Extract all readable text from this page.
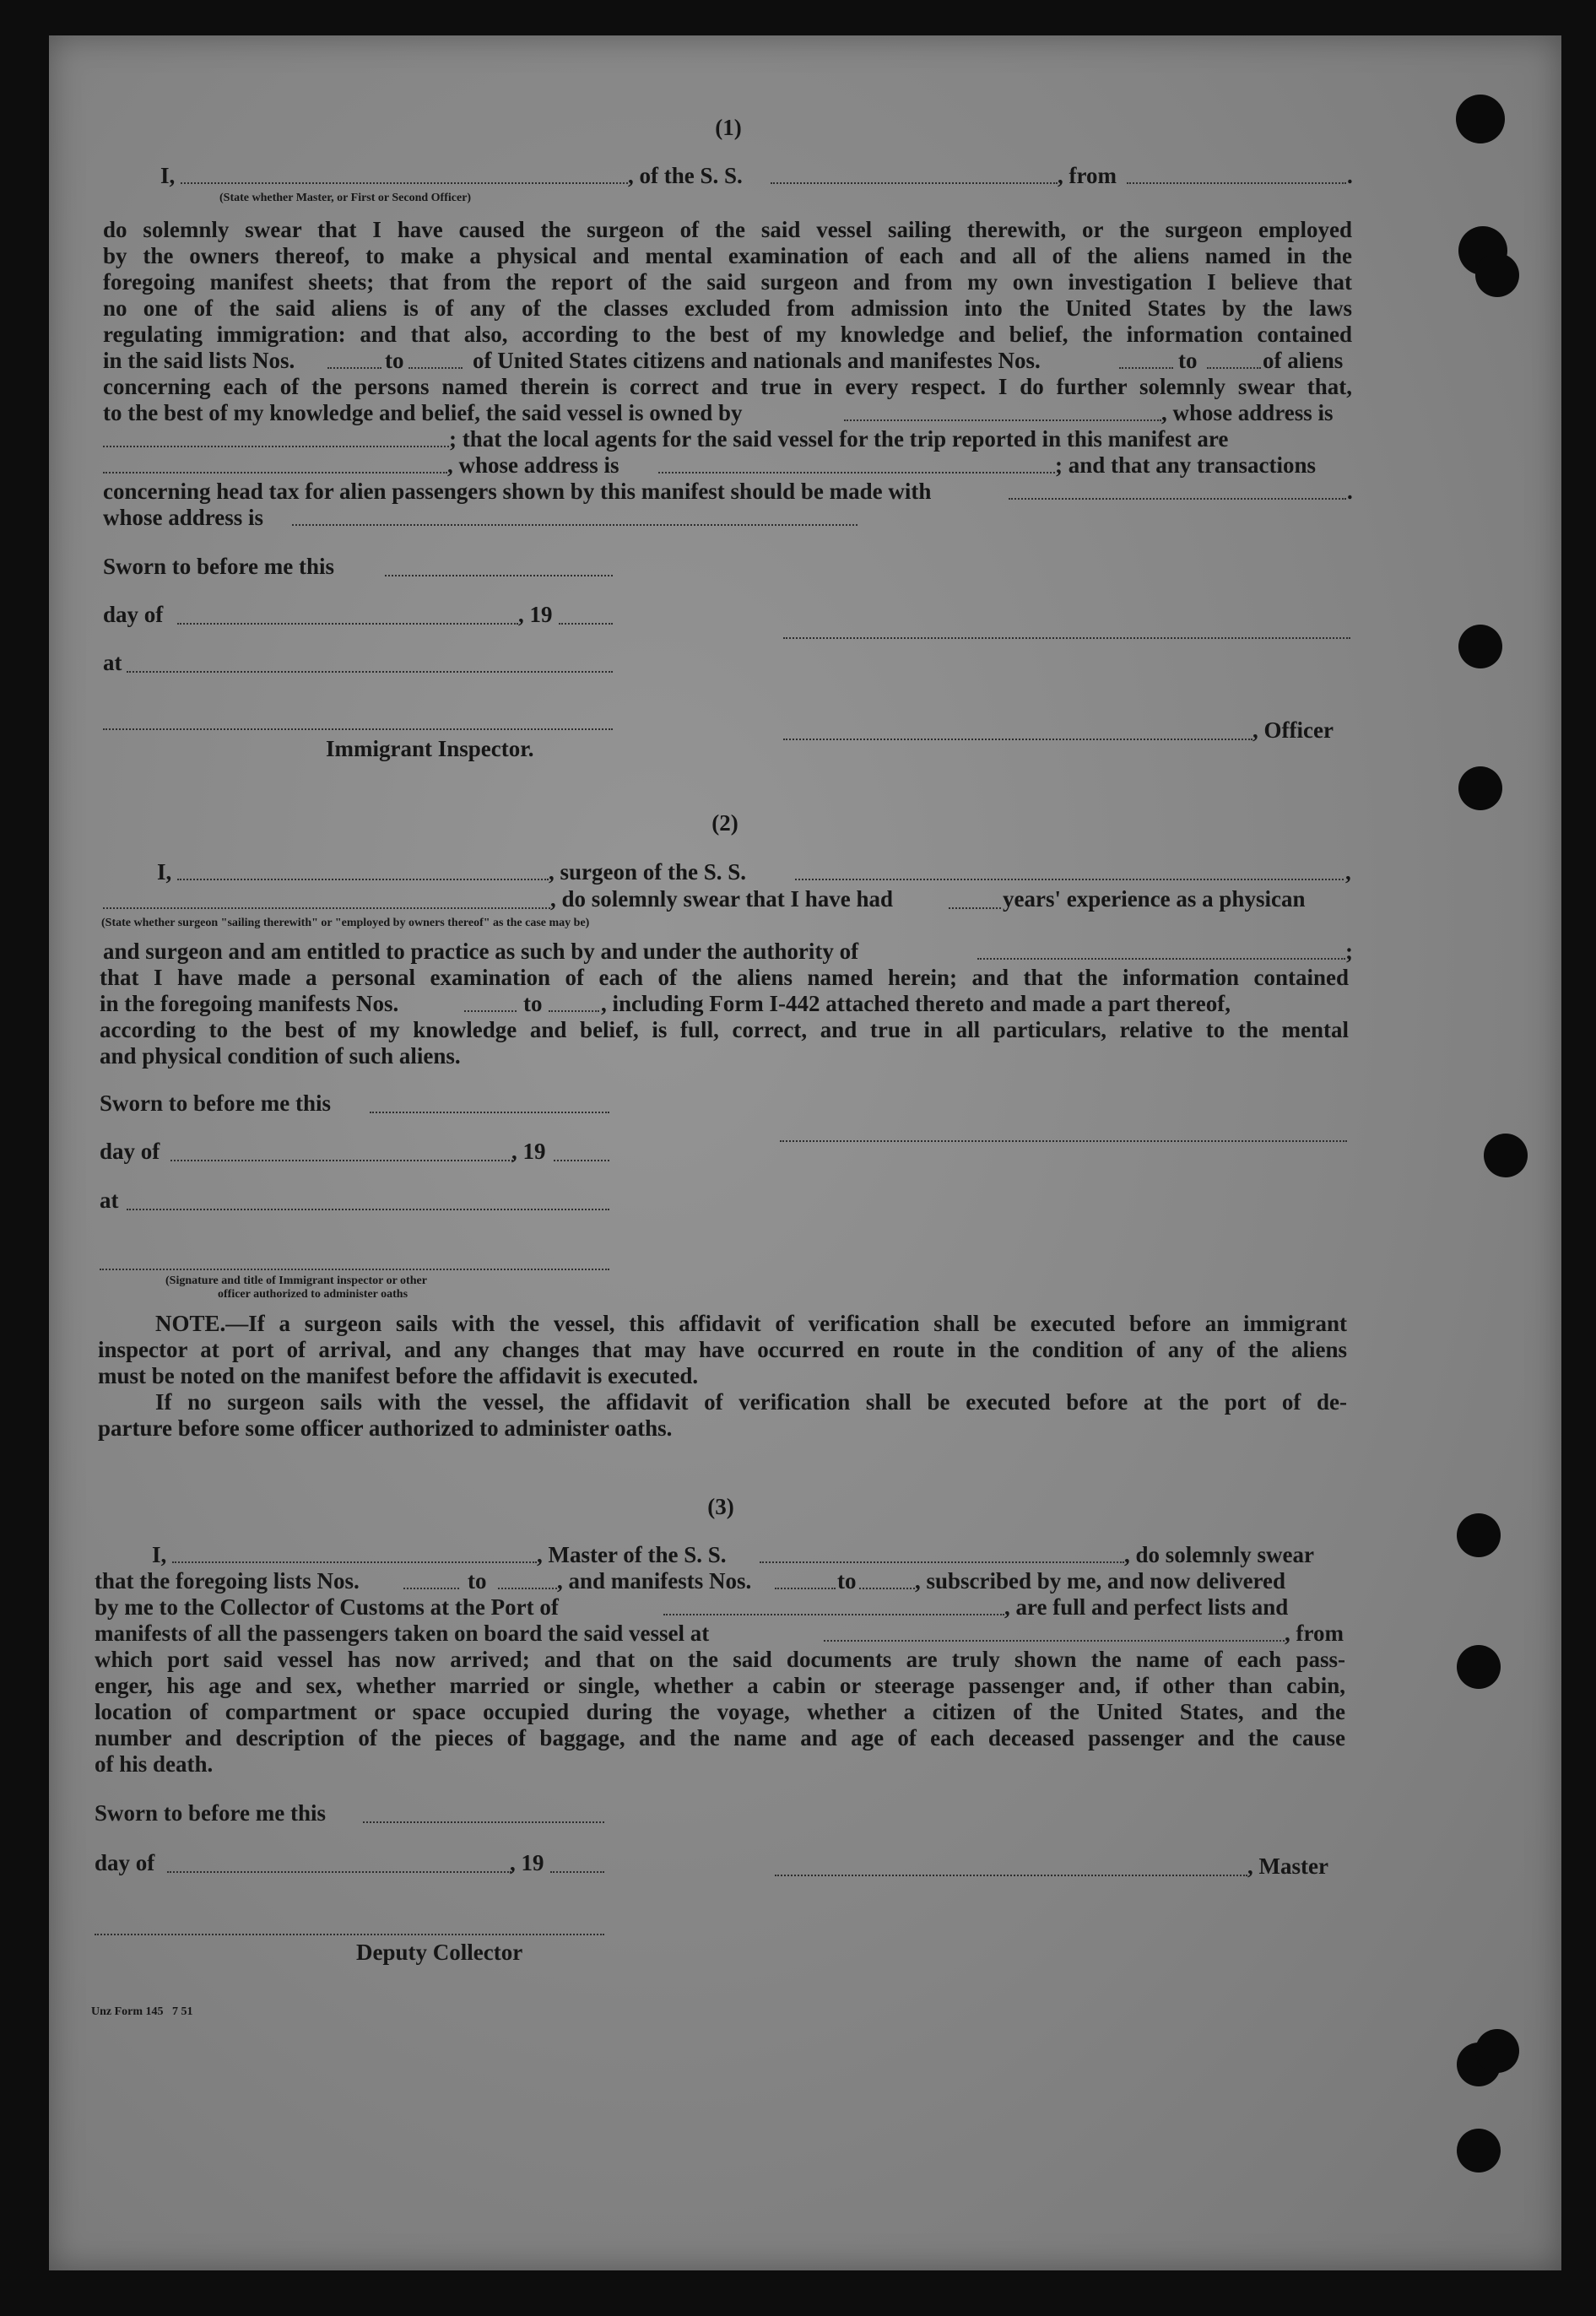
(1)
I,	, of the S. S.	, from	.
(State whether Master, or First or Second Officer)
do solemnly swear that I have caused the surgeon of the said vessel sailing therewith, or the surgeon employed
by the owners thereof, to make a physical and mental examination of each and all of the aliens named in the
foregoing manifest sheets; that from the report of the said surgeon and from my own investigation I believe that
no one of the said aliens is of any of the classes excluded from admission into the United States by the laws
regulating immigration: and that also, according to the best of my knowledge and belief, the information contained
in the said lists Nos.	to	of United States citizens and nationals and manifestes Nos.	to	of aliens
concerning each of the persons named therein is correct and true in every respect. I do further solemnly swear that,
to the best of my knowledge and belief, the said vessel is owned by	, whose address is
; that the local agents for the said vessel for the trip reported in this manifest are
, whose address is	; and that any transactions
concerning head tax for alien passengers shown by this manifest should be made with	.
whose address is
Sworn to before me this
day of	, 19
at
, Officer
Immigrant Inspector.
(2)
I,	, surgeon of the S. S.	,
, do solemnly swear that I have had	years' experience as a physican
(State whether surgeon "sailing therewith" or "employed by owners thereof" as the case may be)
and surgeon and am entitled to practice as such by and under the authority of	;
that I have made a personal examination of each of the aliens named herein; and that the information contained
in the foregoing manifests Nos.	to	, including Form I-442 attached thereto and made a part thereof,
according to the best of my knowledge and belief, is full, correct, and true in all particulars, relative to the mental
and physical condition of such aliens.
Sworn to before me this
day of	, 19
at
(Signature and title of Immigrant inspector or other
officer authorized to administer oaths
NOTE.—If a surgeon sails with the vessel, this affidavit of verification shall be executed before an immigrant
inspector at port of arrival, and any changes that may have occurred en route in the condition of any of the aliens
must be noted on the manifest before the affidavit is executed.
If no surgeon sails with the vessel, the affidavit of verification shall be executed before at the port of de-
parture before some officer authorized to administer oaths.
(3)
I,	, Master of the S. S.	, do solemnly swear
that the foregoing lists Nos.	to	, and manifests Nos.	to	, subscribed by me, and now delivered
by me to the Collector of Customs at the Port of	, are full and perfect lists and
manifests of all the passengers taken on board the said vessel at	, from
which port said vessel has now arrived; and that on the said documents are truly shown the name of each pass-
enger, his age and sex, whether married or single, whether a cabin or steerage passenger and, if other than cabin,
location of compartment or space occupied during the voyage, whether a citizen of the United States, and the
number and description of the pieces of baggage, and the name and age of each deceased passenger and the cause
of his death.
Sworn to before me this
day of	, 19	, Master
Deputy Collector
Unz Form 145   7 51
